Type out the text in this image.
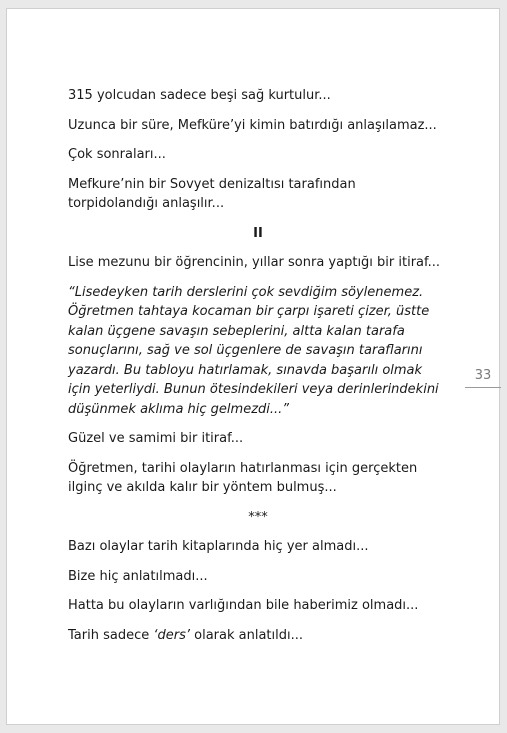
315 yolcudan sadece beşi sağ kurtulur...

Uzunca bir süre, Mefküre’yi kimin batırdığı anlaşılamaz...

Çok sonraları...

Mefkure’nin bir Sovyet denizaltısı tarafından torpidolandığı anlaşılır...

II

Lise mezunu bir öğrencinin, yıllar sonra yaptığı bir itiraf...

“Lisedeyken tarih derslerini çok sevdiğim söylenemez. Öğretmen tahtaya kocaman bir çarpı işareti çizer, üstte kalan üçgene savaşın sebeplerini, altta kalan tarafa sonuçlarını, sağ ve sol üçgenlere de savaşın taraflarını yazardı. Bu tabloyu hatırlamak, sınavda başarılı olmak için yeterliydi. Bunun ötesindekileri veya derinlerindekini düşünmek aklıma hiç gelmezdi...”

Güzel ve samimi bir itiraf...

Öğretmen, tarihi olayların hatırlanması için gerçekten ilginç ve akılda kalır bir yöntem bulmuş...

***

Bazı olaylar tarih kitaplarında hiç yer almadı...

Bize hiç anlatılmadı...

Hatta bu olayların varlığından bile haberimiz olmadı...

Tarih sadece ‘ders’ olarak anlatıldı...

33
